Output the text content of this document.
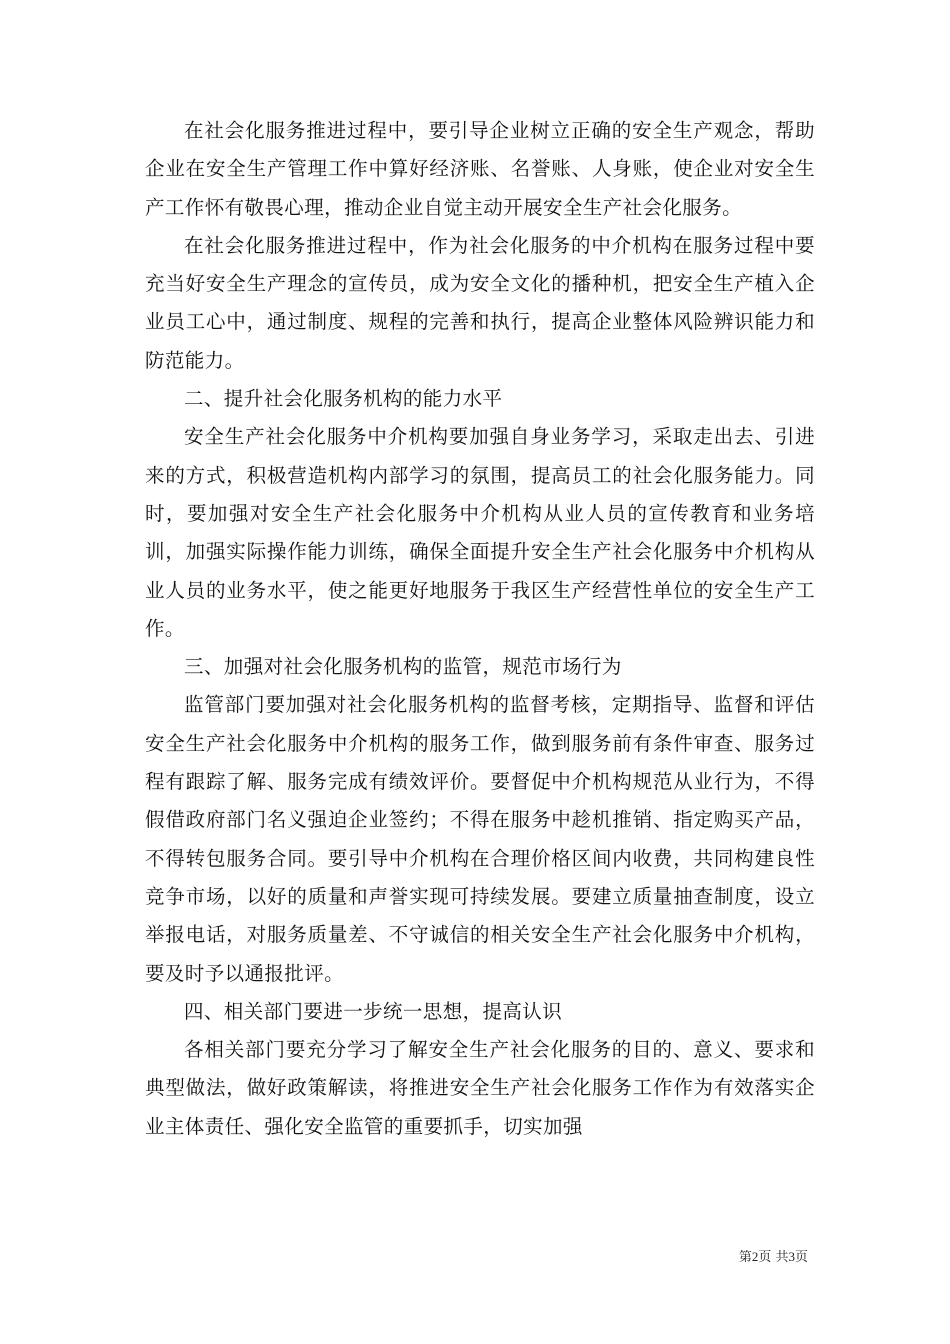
在社会化服务推进过程中，要引导企业树立正确的安全生产观念，帮助企业在安全生产管理工作中算好经济账、名誉账、人身账，使企业对安全生产工作怀有敬畏心理，推动企业自觉主动开展安全生产社会化服务。

在社会化服务推进过程中，作为社会化服务的中介机构在服务过程中要充当好安全生产理念的宣传员，成为安全文化的播种机，把安全生产植入企业员工心中，通过制度、规程的完善和执行，提高企业整体风险辨识能力和防范能力。

二、提升社会化服务机构的能力水平

安全生产社会化服务中介机构要加强自身业务学习，采取走出去、引进来的方式，积极营造机构内部学习的氛围，提高员工的社会化服务能力。同时，要加强对安全生产社会化服务中介机构从业人员的宣传教育和业务培训，加强实际操作能力训练，确保全面提升安全生产社会化服务中介机构从业人员的业务水平，使之能更好地服务于我区生产经营性单位的安全生产工作。

三、加强对社会化服务机构的监管，规范市场行为

监管部门要加强对社会化服务机构的监督考核，定期指导、监督和评估安全生产社会化服务中介机构的服务工作，做到服务前有条件审查、服务过程有跟踪了解、服务完成有绩效评价。要督促中介机构规范从业行为，不得假借政府部门名义强迫企业签约；不得在服务中趁机推销、指定购买产品，不得转包服务合同。要引导中介机构在合理价格区间内收费，共同构建良性竞争市场，以好的质量和声誉实现可持续发展。要建立质量抽查制度，设立举报电话，对服务质量差、不守诚信的相关安全生产社会化服务中介机构，要及时予以通报批评。

四、相关部门要进一步统一思想，提高认识

各相关部门要充分学习了解安全生产社会化服务的目的、意义、要求和典型做法，做好政策解读，将推进安全生产社会化服务工作作为有效落实企业主体责任、强化安全监管的重要抓手，切实加强

第2页 共3页
